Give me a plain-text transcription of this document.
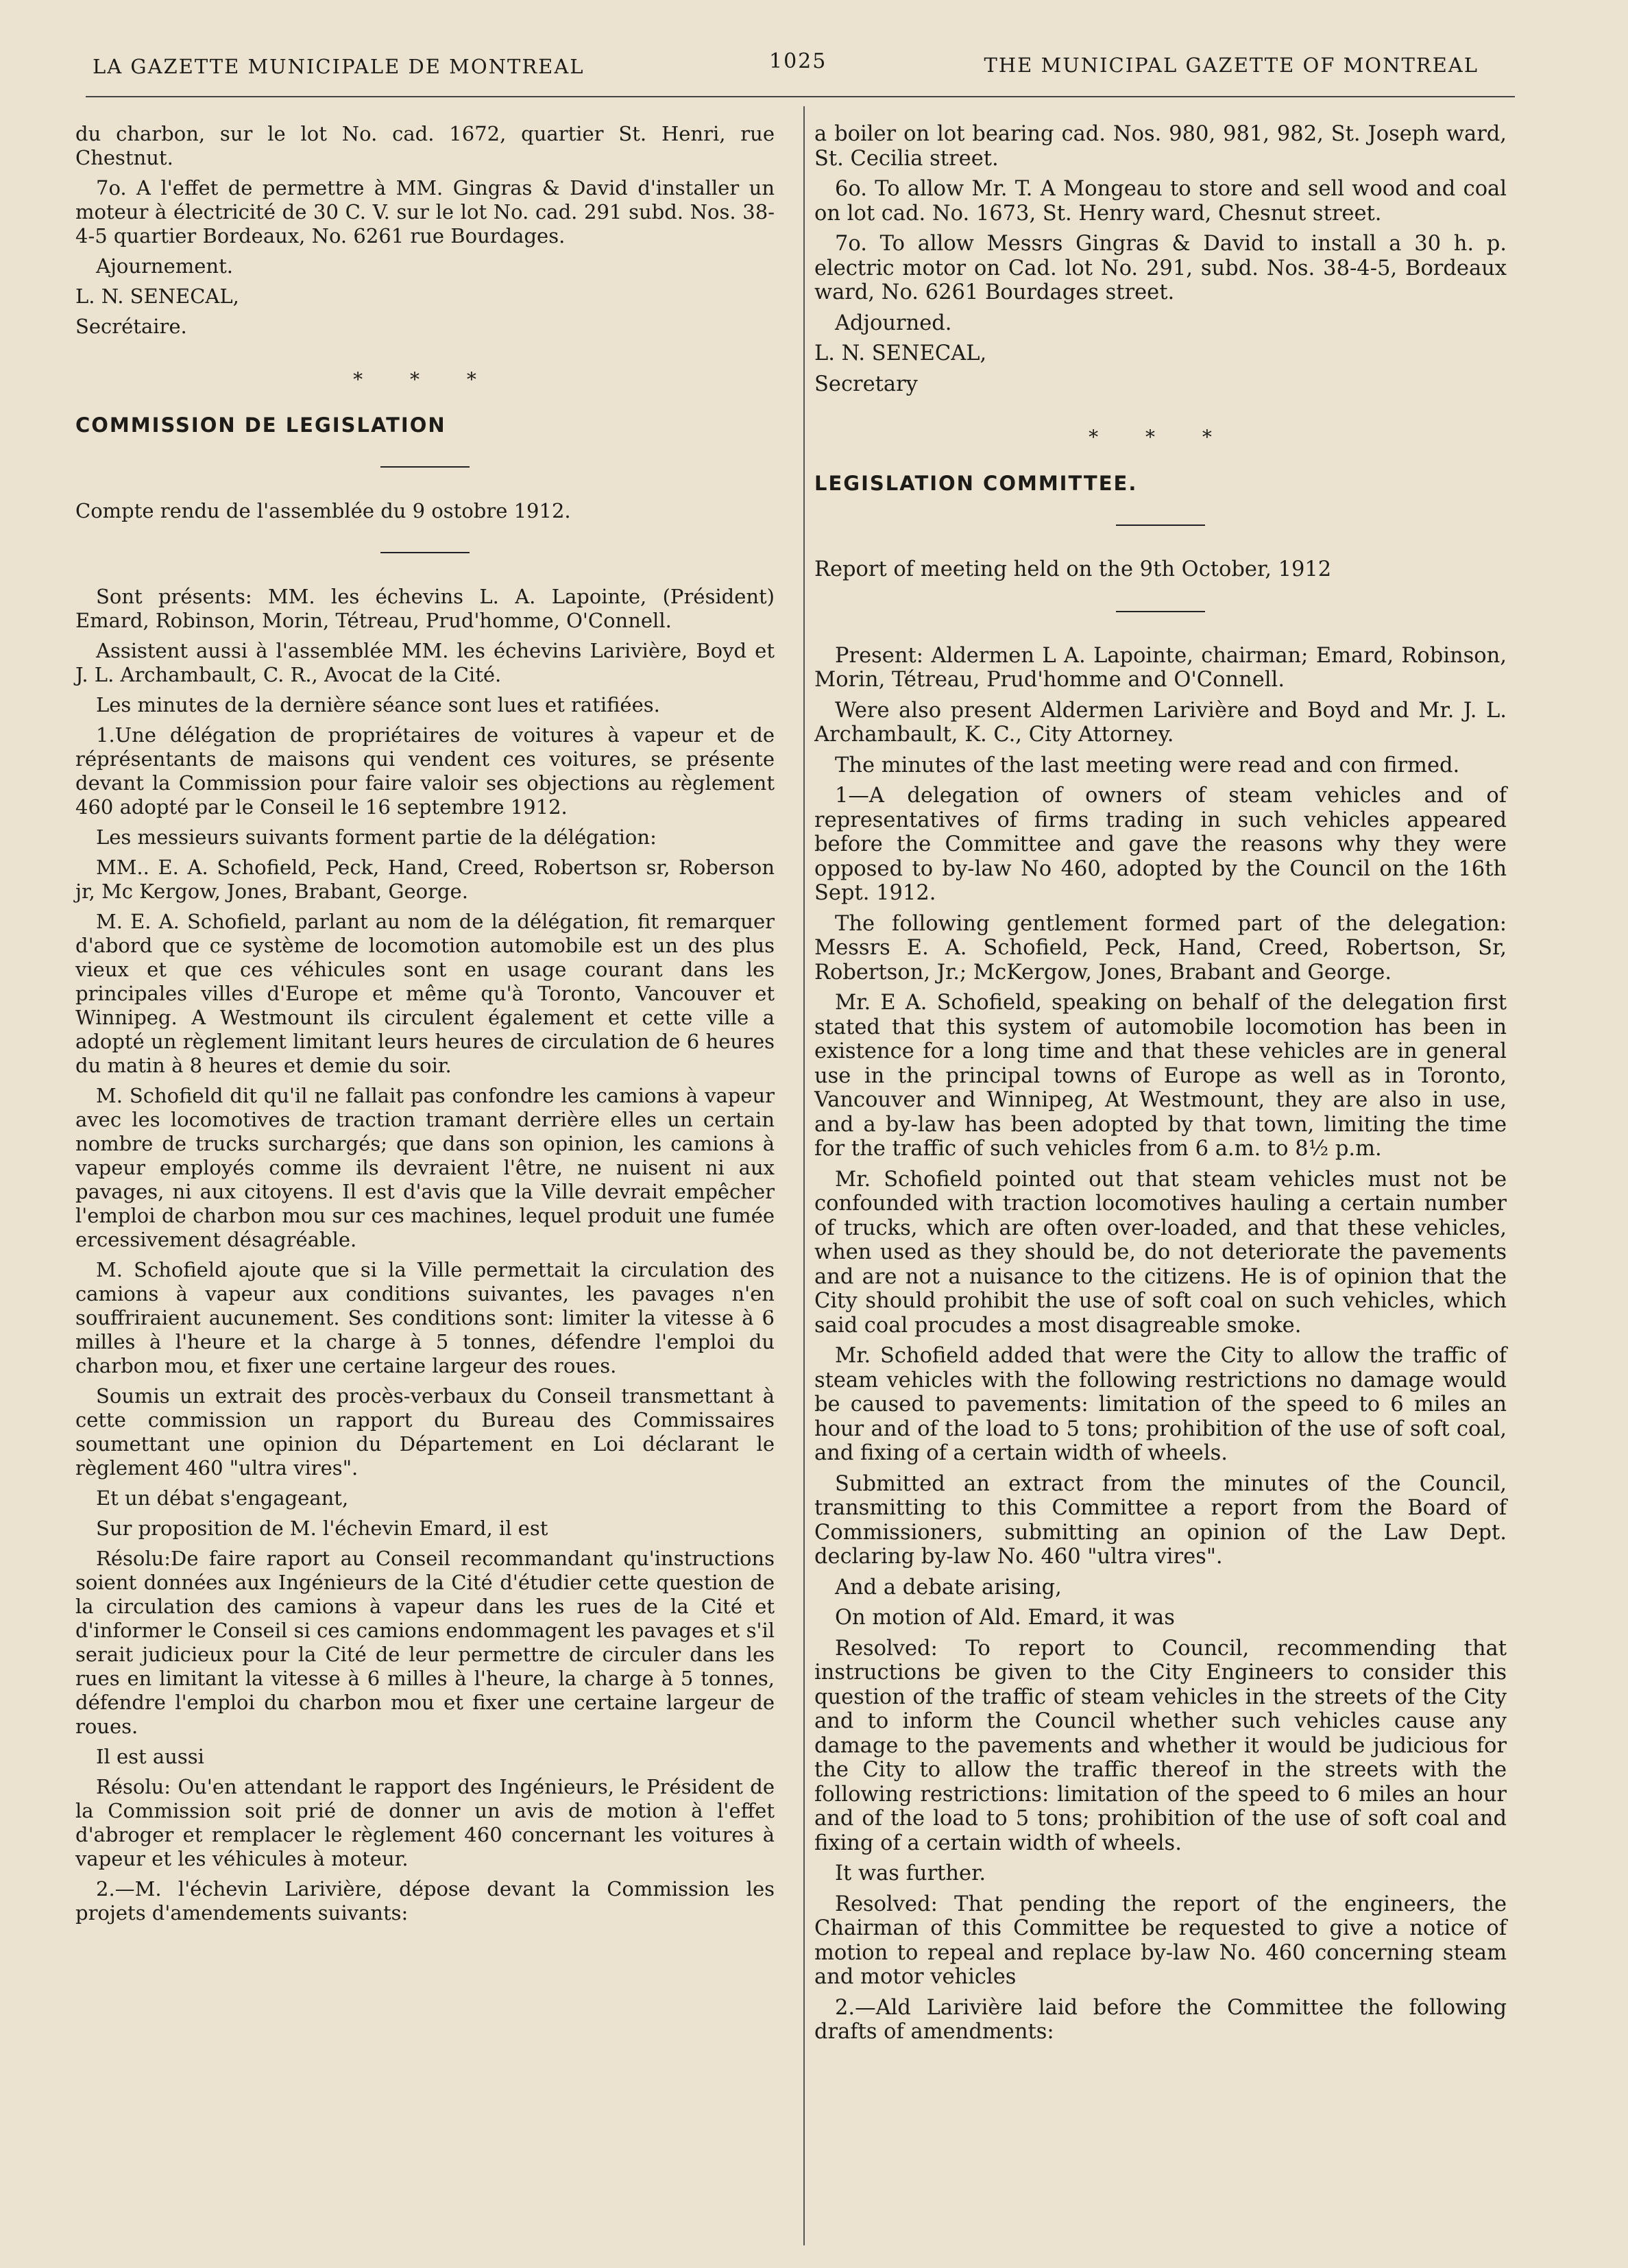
LA GAZETTE MUNICIPALE DE MONTREAL	1025	THE MUNICIPAL GAZETTE OF MONTREAL

du charbon, sur le lot No. cad. 1672, quartier St. Henri, rue Chestnut.

7o. A l'effet de permettre à MM. Gingras & David d'installer un moteur à électricité de 30 C. V. sur le lot No. cad. 291 subd. Nos. 38-4-5 quartier Bordeaux, No. 6261 rue Bourdages.

Ajournement.

L. N. SENECAL,

Secrétaire.

* * *

COMMISSION DE LEGISLATION

Compte rendu de l'assemblée du 9 ostobre 1912.

Sont présents: MM. les échevins L. A. Lapointe, (Président) Emard, Robinson, Morin, Tétreau, Prud'homme, O'Connell.

Assistent aussi à l'assemblée MM. les échevins Larivière, Boyd et J. L. Archambault, C. R., Avocat de la Cité.

Les minutes de la dernière séance sont lues et ratifiées.

1.Une délégation de propriétaires de voitures à vapeur et de réprésentants de maisons qui vendent ces voitures, se présente devant la Commission pour faire valoir ses objections au règlement 460 adopté par le Conseil le 16 septembre 1912.

Les messieurs suivants forment partie de la délégation:

MM.. E. A. Schofield, Peck, Hand, Creed, Robertson sr, Roberson jr, Mc Kergow, Jones, Brabant, George.

M. E. A. Schofield, parlant au nom de la délégation, fit remarquer d'abord que ce système de locomotion automobile est un des plus vieux et que ces véhicules sont en usage courant dans les principales villes d'Europe et même qu'à Toronto, Vancouver et Winnipeg. A Westmount ils circulent également et cette ville a adopté un règlement limitant leurs heures de circulation de 6 heures du matin à 8 heures et demie du soir.

M. Schofield dit qu'il ne fallait pas confondre les camions à vapeur avec les locomotives de traction tramant derrière elles un certain nombre de trucks surchargés; que dans son opinion, les camions à vapeur employés comme ils devraient l'être, ne nuisent ni aux pavages, ni aux citoyens. Il est d'avis que la Ville devrait empêcher l'emploi de charbon mou sur ces machines, lequel produit une fumée ercessivement désagréable.

M. Schofield ajoute que si la Ville permettait la circulation des camions à vapeur aux conditions suivantes, les pavages n'en souffriraient aucunement. Ses conditions sont: limiter la vitesse à 6 milles à l'heure et la charge à 5 tonnes, défendre l'emploi du charbon mou, et fixer une certaine largeur des roues.

Soumis un extrait des procès-verbaux du Conseil transmettant à cette commission un rapport du Bureau des Commissaires soumettant une opinion du Département en Loi déclarant le règlement 460 "ultra vires".

Et un débat s'engageant,

Sur proposition de M. l'échevin Emard, il est

Résolu:De faire raport au Conseil recommandant qu'instructions soient données aux Ingénieurs de la Cité d'étudier cette question de la circulation des camions à vapeur dans les rues de la Cité et d'informer le Conseil si ces camions endommagent les pavages et s'il serait judicieux pour la Cité de leur permettre de circuler dans les rues en limitant la vitesse à 6 milles à l'heure, la charge à 5 tonnes, défendre l'emploi du charbon mou et fixer une certaine largeur de roues.

Il est aussi

Résolu: Ou'en attendant le rapport des Ingénieurs, le Président de la Commission soit prié de donner un avis de motion à l'effet d'abroger et remplacer le règlement 460 concernant les voitures à vapeur et les véhicules à moteur.

2.—M. l'échevin Larivière, dépose devant la Commission les projets d'amendements suivants:

a boiler on lot bearing cad. Nos. 980, 981, 982, St. Joseph ward, St. Cecilia street.

6o. To allow Mr. T. A Mongeau to store and sell wood and coal on lot cad. No. 1673, St. Henry ward, Chesnut street.

7o. To allow Messrs Gingras & David to install a 30 h. p. electric motor on Cad. lot No. 291, subd. Nos. 38-4-5, Bordeaux ward, No. 6261 Bourdages street.

Adjourned.

L. N. SENECAL,

Secretary

* * *

LEGISLATION COMMITTEE.

Report of meeting held on the 9th October, 1912

Present: Aldermen L A. Lapointe, chairman; Emard, Robinson, Morin, Tétreau, Prud'homme and O'Connell.

Were also present Aldermen Larivière and Boyd and Mr. J. L. Archambault, K. C., City Attorney.

The minutes of the last meeting were read and con firmed.

1—A delegation of owners of steam vehicles and of representatives of firms trading in such vehicles appeared before the Committee and gave the reasons why they were opposed to by-law No 460, adopted by the Council on the 16th Sept. 1912.

The following gentlement formed part of the delegation: Messrs E. A. Schofield, Peck, Hand, Creed, Robertson, Sr, Robertson, Jr.; McKergow, Jones, Brabant and George.

Mr. E A. Schofield, speaking on behalf of the delegation first stated that this system of automobile locomotion has been in existence for a long time and that these vehicles are in general use in the principal towns of Europe as well as in Toronto, Vancouver and Winnipeg, At Westmount, they are also in use, and a by-law has been adopted by that town, limiting the time for the traffic of such vehicles from 6 a.m. to 8½ p.m.

Mr. Schofield pointed out that steam vehicles must not be confounded with traction locomotives hauling a certain number of trucks, which are often over-loaded, and that these vehicles, when used as they should be, do not deteriorate the pavements and are not a nuisance to the citizens. He is of opinion that the City should prohibit the use of soft coal on such vehicles, which said coal procudes a most disagreable smoke.

Mr. Schofield added that were the City to allow the traffic of steam vehicles with the following restrictions no damage would be caused to pavements: limitation of the speed to 6 miles an hour and of the load to 5 tons; prohibition of the use of soft coal, and fixing of a certain width of wheels.

Submitted an extract from the minutes of the Council, transmitting to this Committee a report from the Board of Commissioners, submitting an opinion of the Law Dept. declaring by-law No. 460 "ultra vires".

And a debate arising,

On motion of Ald. Emard, it was

Resolved: To report to Council, recommending that instructions be given to the City Engineers to consider this question of the traffic of steam vehicles in the streets of the City and to inform the Council whether such vehicles cause any damage to the pavements and whether it would be judicious for the City to allow the traffic thereof in the streets with the following restrictions: limitation of the speed to 6 miles an hour and of the load to 5 tons; prohibition of the use of soft coal and fixing of a certain width of wheels.

It was further.

Resolved: That pending the report of the engineers, the Chairman of this Committee be requested to give a notice of motion to repeal and replace by-law No. 460 concerning steam and motor vehicles

2.—Ald Larivière laid before the Committee the following drafts of amendments:
